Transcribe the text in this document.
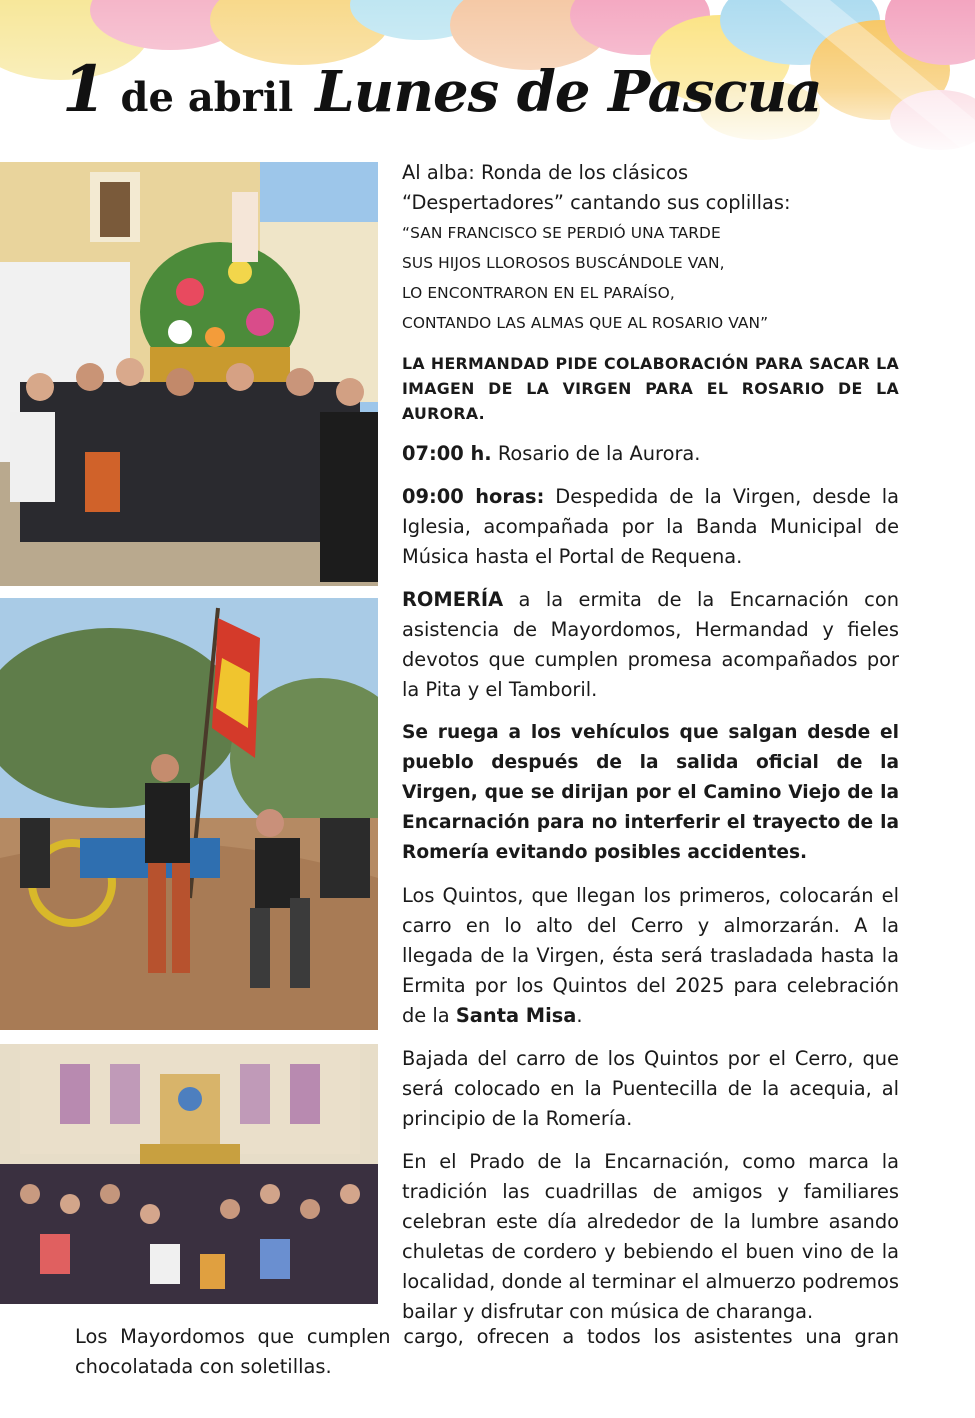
1 de abril Lunes de Pascua

Al alba: Ronda de los clásicos
“Despertadores” cantando sus coplillas:

“SAN FRANCISCO SE PERDIÓ UNA TARDE
SUS HIJOS LLOROSOS BUSCÁNDOLE VAN,
LO ENCONTRARON EN EL PARAÍSO,
CONTANDO LAS ALMAS QUE AL ROSARIO VAN”

LA HERMANDAD PIDE COLABORACIÓN PARA SACAR LA IMAGEN DE LA VIRGEN PARA EL ROSARIO DE LA AURORA.

07:00 h. Rosario de la Aurora.

09:00 horas: Despedida de la Virgen, desde la Iglesia, acompañada por la Banda Municipal de Música hasta el Portal de Requena.

ROMERÍA a la ermita de la Encarnación con asistencia de Mayordomos, Hermandad y fieles devotos que cumplen promesa acompañados por la Pita y el Tamboril.

Se ruega a los vehículos que salgan desde el pueblo después de la salida oficial de la Virgen, que se dirijan por el Camino Viejo de la Encarnación para no interferir el trayecto de la Romería evitando posibles accidentes.

Los Quintos, que llegan los primeros, colocarán el carro en lo alto del Cerro y almorzarán. A la llegada de la Virgen, ésta será trasladada hasta la Ermita por los Quintos del 2025 para celebración de la Santa Misa.

Bajada del carro de los Quintos por el Cerro, que será colocado en la Puentecilla de la acequia, al principio de la Romería.

En el Prado de la Encarnación, como marca la tradición las cuadrillas de amigos y familiares celebran este día alrededor de la lumbre asando chuletas de cordero y bebiendo el buen vino de la localidad, donde al terminar el almuerzo podremos bailar y disfrutar con música de charanga.

Los Mayordomos que cumplen cargo, ofrecen a todos los asistentes una gran chocolatada con soletillas.
